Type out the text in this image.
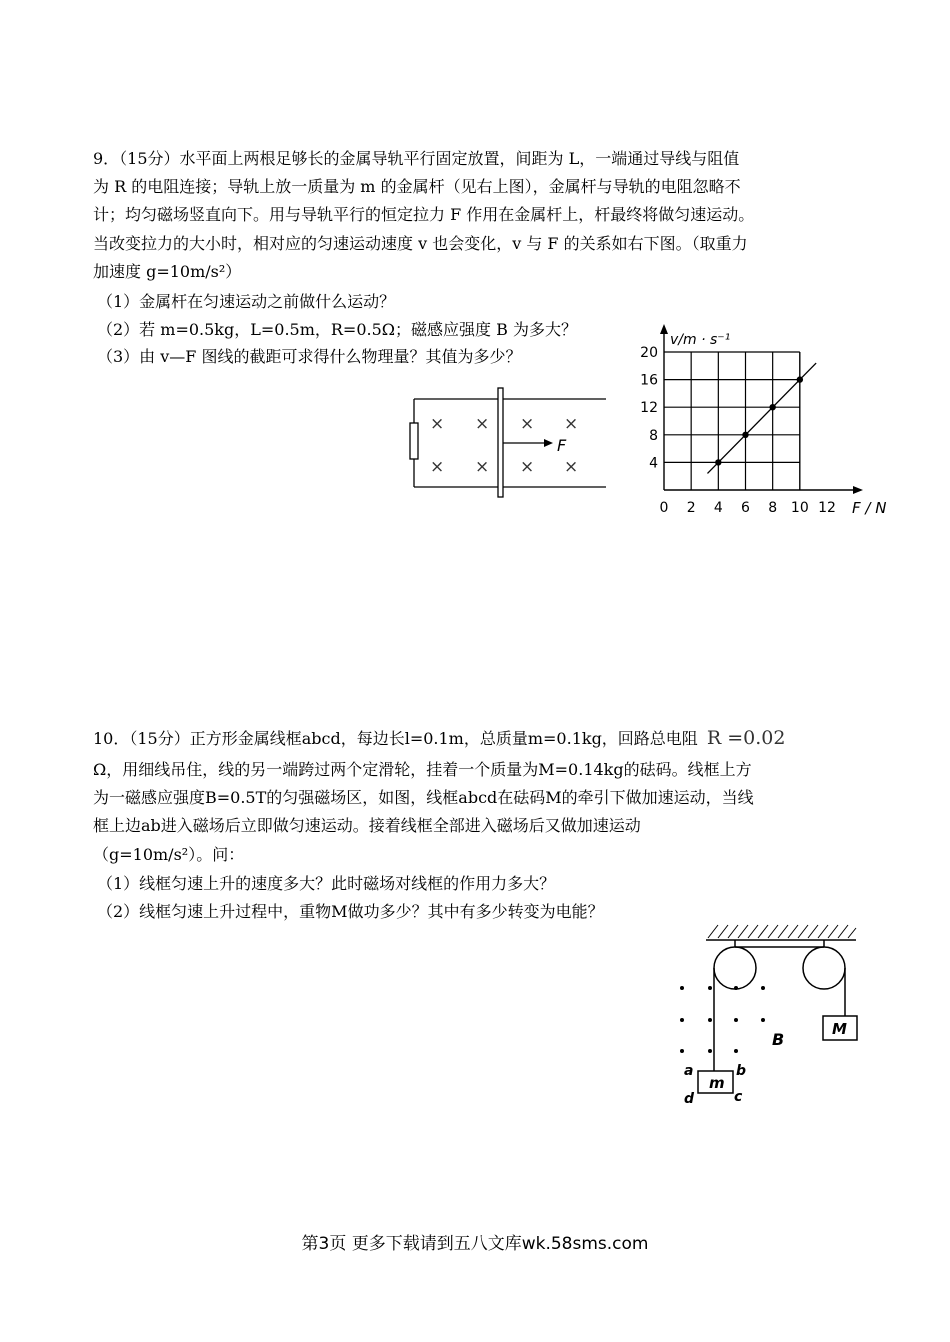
9．（15分）水平面上两根足够长的金属导轨平行固定放置，间距为 L，一端通过导线与阻值
为 R 的电阻连接；导轨上放一质量为 m 的金属杆（见右上图），金属杆与导轨的电阻忽略不
计；均匀磁场竖直向下。用与导轨平行的恒定拉力 F 作用在金属杆上，杆最终将做匀速运动。
当改变拉力的大小时，相对应的匀速运动速度 v 也会变化，v 与 F 的关系如右下图。（取重力
加速度 g=10m/s²）
（1）金属杆在匀速运动之前做什么运动？
（2）若 m=0.5kg，L=0.5m，R=0.5Ω；磁感应强度 B 为多大？
（3）由 v—F 图线的截距可求得什么物理量？其值为多少？
× × × ×
× × × ×
F
0 2 4 6 8 10 12
4
8
12
16
20
v/m · s⁻¹
F / N
10．（15分）正方形金属线框abcd，每边长l=0.1m，总质量m=0.1kg，回路总电阻 R =0.02
Ω，用细线吊住，线的另一端跨过两个定滑轮，挂着一个质量为M=0.14kg的砝码。线框上方
为一磁感应强度B=0.5T的匀强磁场区，如图，线框abcd在砝码M的牵引下做加速运动，当线
框上边ab进入磁场后立即做匀速运动。接着线框全部进入磁场后又做加速运动
（g=10m/s²）。问：
（1）线框匀速上升的速度多大？此时磁场对线框的作用力多大？
（2）线框匀速上升过程中，重物M做功多少？其中有多少转变为电能？
m
M
B
a	b
c
d
第3页 更多下载请到五八文库wk.58sms.com
